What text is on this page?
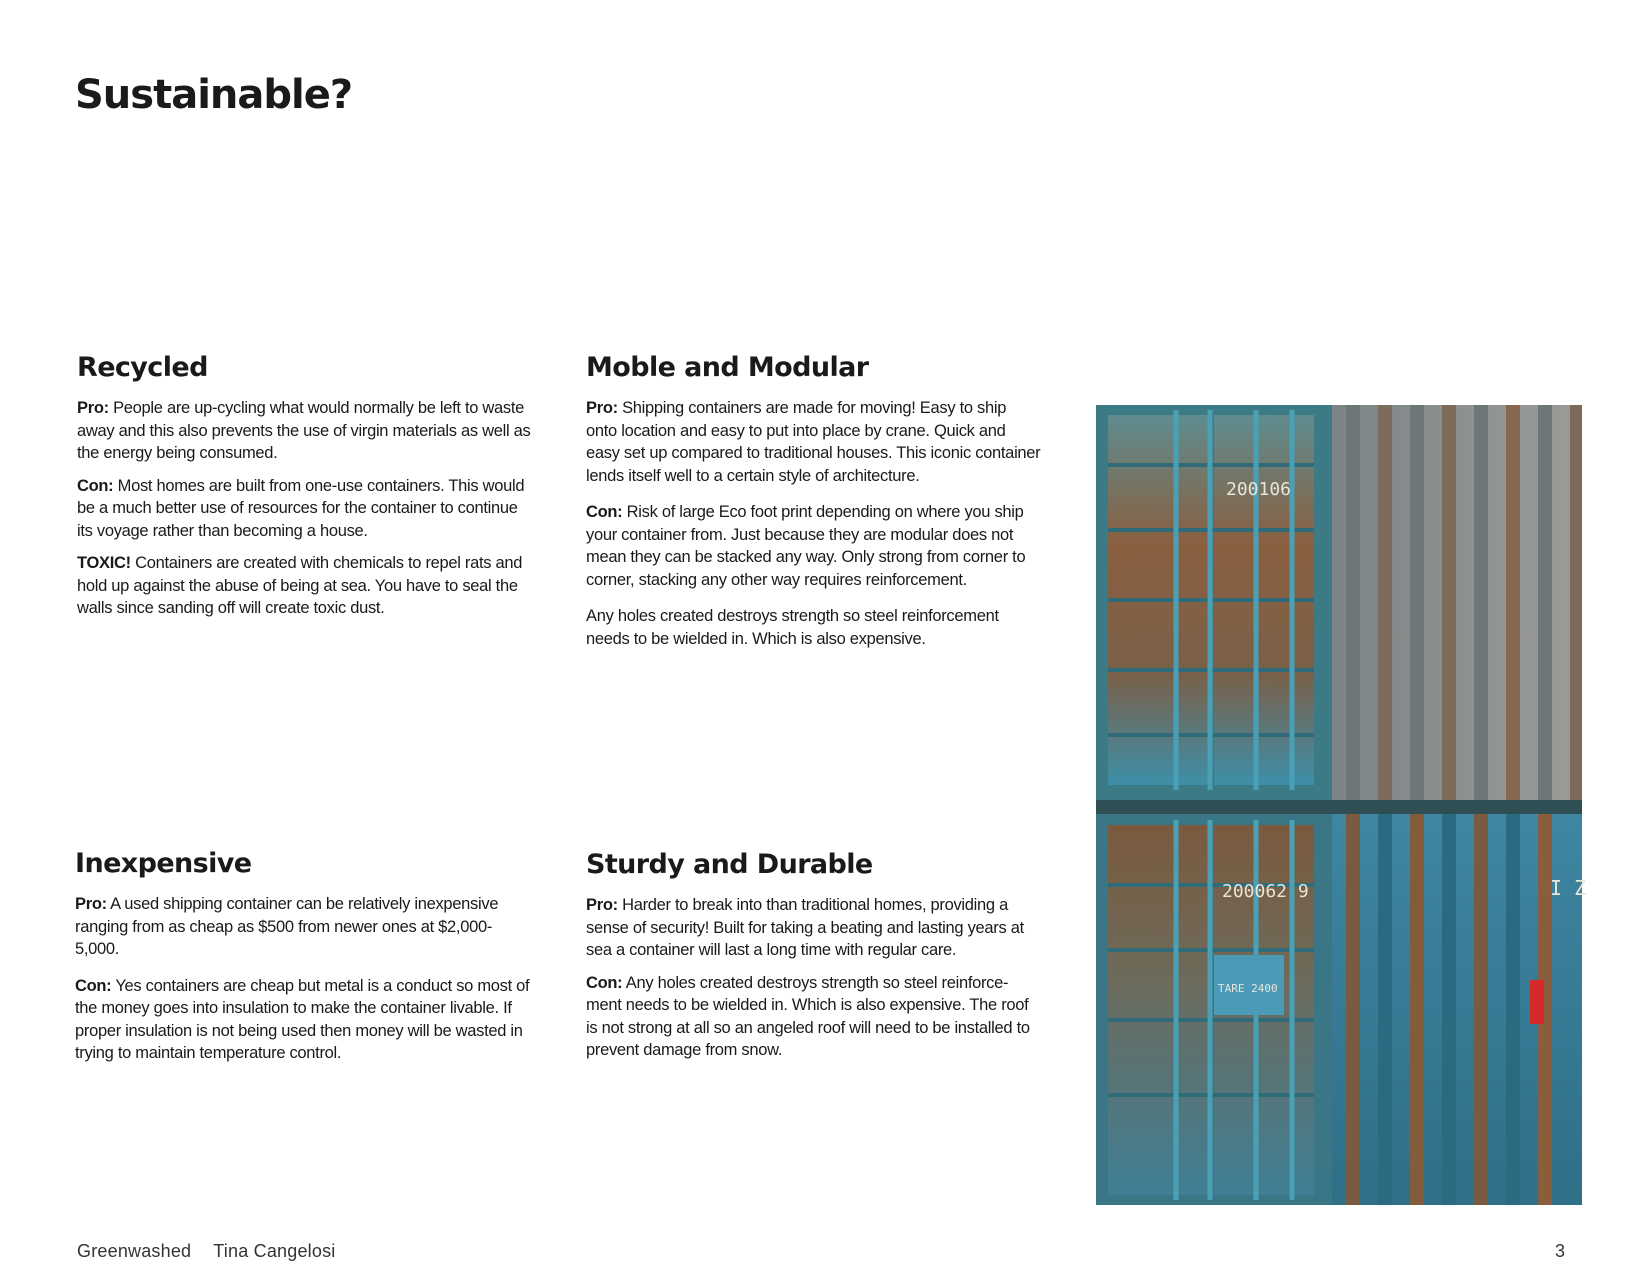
Sustainable?
Recycled

Pro: People are up-cycling what would normally be left to waste away and this also prevents the use of virgin materials as well as the energy being consumed.

Con: Most homes are built from one-use containers. This would be a much better use of resources for the container to continue its voyage rather than becoming a house.

TOXIC! Containers are created with chemicals to repel rats and hold up against the abuse of being at sea. You have to seal the walls since sanding off will create toxic dust.

Moble and Modular

Pro: Shipping containers are made for moving! Easy to ship onto location and easy to put into place by crane. Quick and easy set up compared to traditional houses. This iconic container lends itself well to a certain style of architecture.

Con: Risk of large Eco foot print depending on where you ship your container from. Just because they are modular does not mean they can be stacked any way. Only strong from corner to corner, stacking any other way requires reinforcement.

Any holes created destroys strength so steel reinforcement needs to be wielded in. Which is also expensive.

Inexpensive

Pro: A used shipping container can be relatively inexpensive ranging from as cheap as $500 from newer ones at $2,000-5,000.

Con: Yes containers are cheap but metal is a conduct so most of the money goes into insulation to make the container livable. If proper insulation is not being used then money will be wasted in trying to maintain temperature control.

Sturdy and Durable

Pro: Harder to break into than traditional homes, providing a sense of security! Built for taking a beating and lasting years at sea a container will last a long time with regular care.

Con: Any holes created destroys strength so steel reinforce-ment needs to be wielded in. Which is also expensive. The roof is not strong at all so an angeled roof will need to be installed to prevent damage from snow.

200106
200062 9
TARE 2400
I Z
Greenwashed Tina Cangelosi	3
